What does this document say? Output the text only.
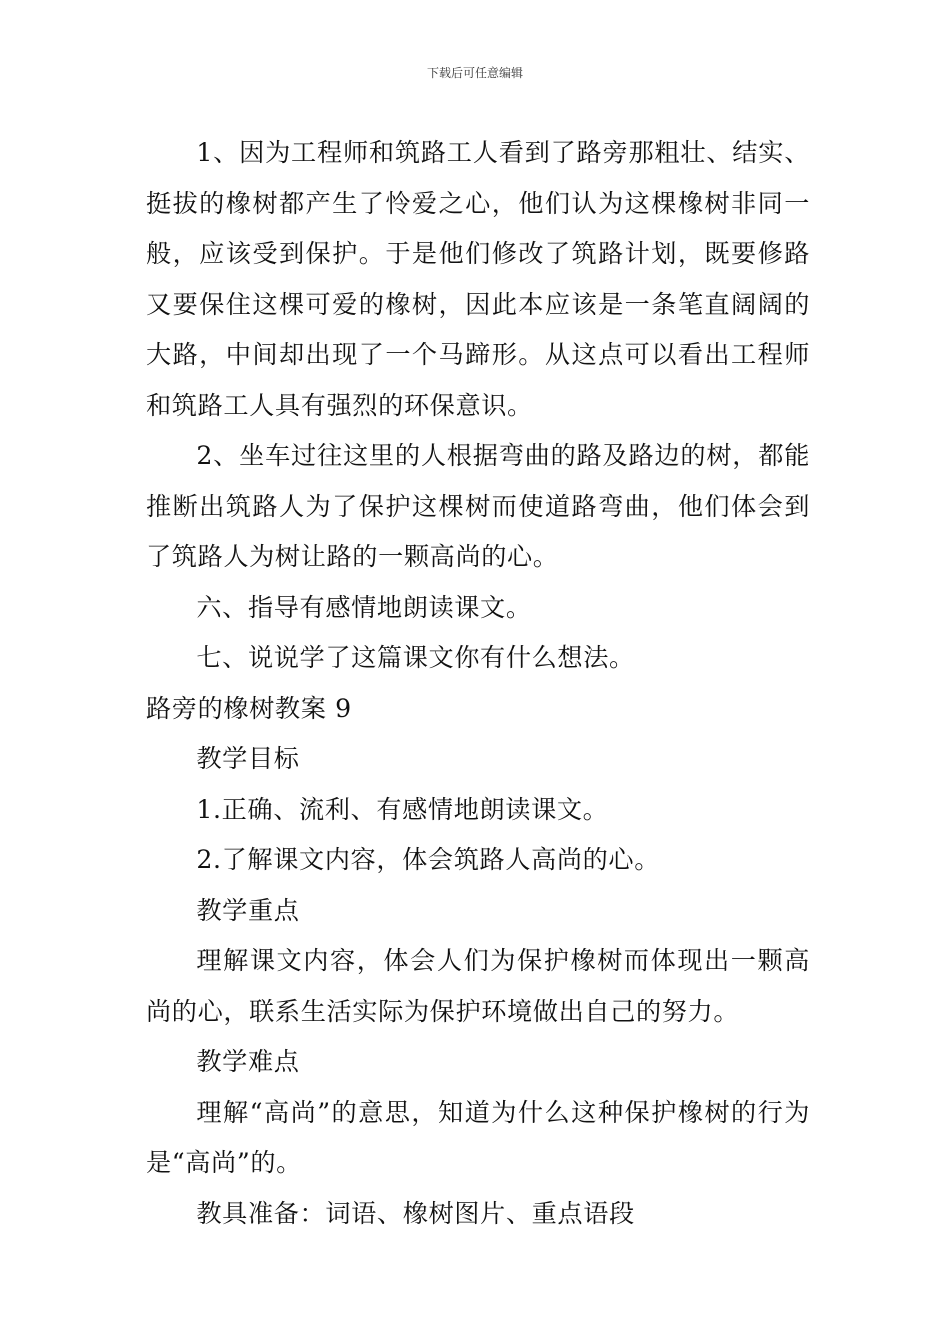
下载后可任意编辑

1、因为工程师和筑路工人看到了路旁那粗壮、结实、挺拔的橡树都产生了怜爱之心，他们认为这棵橡树非同一般，应该受到保护。于是他们修改了筑路计划，既要修路又要保住这棵可爱的橡树，因此本应该是一条笔直阔阔的大路，中间却出现了一个马蹄形。从这点可以看出工程师和筑路工人具有强烈的环保意识。

2、坐车过往这里的人根据弯曲的路及路边的树，都能推断出筑路人为了保护这棵树而使道路弯曲，他们体会到了筑路人为树让路的一颗高尚的心。

六、指导有感情地朗读课文。

七、说说学了这篇课文你有什么想法。

路旁的橡树教案 9

教学目标

1.正确、流利、有感情地朗读课文。

2.了解课文内容，体会筑路人高尚的心。

教学重点

理解课文内容，体会人们为保护橡树而体现出一颗高尚的心，联系生活实际为保护环境做出自己的努力。

教学难点

理解“高尚”的意思，知道为什么这种保护橡树的行为是“高尚”的。

教具准备：词语、橡树图片、重点语段
